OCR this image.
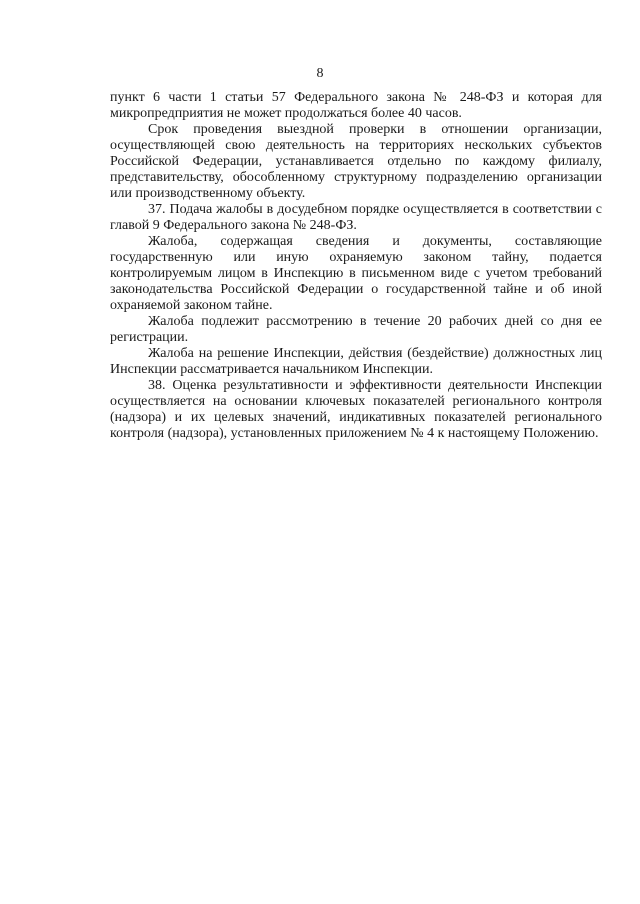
8

пункт 6 части 1 статьи 57 Федерального закона № 248-ФЗ и которая для микропредприятия не может продолжаться более 40 часов.

Срок проведения выездной проверки в отношении организации, осуществляющей свою деятельность на территориях нескольких субъектов Российской Федерации, устанавливается отдельно по каждому филиалу, представительству, обособленному структурному подразделению организации или производственному объекту.

37. Подача жалобы в досудебном порядке осуществляется в соответствии с главой 9 Федерального закона № 248-ФЗ.

Жалоба, содержащая сведения и документы, составляющие государственную или иную охраняемую законом тайну, подается контролируемым лицом в Инспекцию в письменном виде с учетом требований законодательства Российской Федерации о государственной тайне и об иной охраняемой законом тайне.

Жалоба подлежит рассмотрению в течение 20 рабочих дней со дня ее регистрации.

Жалоба на решение Инспекции, действия (бездействие) должностных лиц Инспекции рассматривается начальником Инспекции.

38. Оценка результативности и эффективности деятельности Инспекции осуществляется на основании ключевых показателей регионального контроля (надзора) и их целевых значений, индикативных показателей регионального контроля (надзора), установленных приложением № 4 к настоящему Положению.
